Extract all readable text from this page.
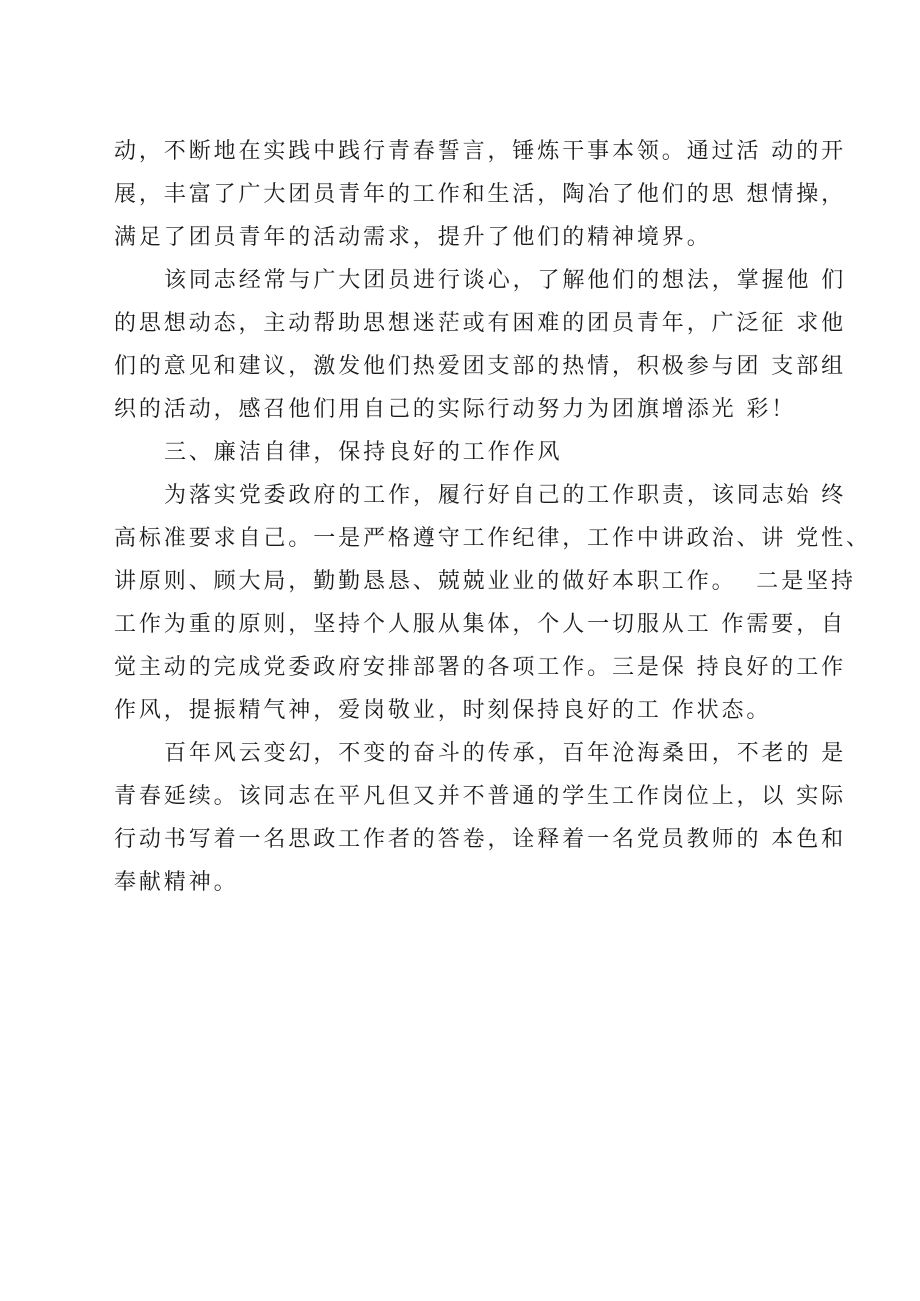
动，不断地在实践中践行青春誓言，锤炼干事本领。通过活 动的开
展，丰富了广大团员青年的工作和生活，陶冶了他们的思 想情操，
满足了团员青年的活动需求，提升了他们的精神境界。
该同志经常与广大团员进行谈心，了解他们的想法，掌握他 们
的思想动态，主动帮助思想迷茫或有困难的团员青年，广泛征 求他
们的意见和建议，激发他们热爱团支部的热情，积极参与团 支部组
织的活动，感召他们用自己的实际行动努力为团旗增添光 彩！
三、廉洁自律，保持良好的工作作风
为落实党委政府的工作，履行好自己的工作职责，该同志始 终
高标准要求自己。一是严格遵守工作纪律，工作中讲政治、讲 党性、
讲原则、顾大局，勤勤恳恳、兢兢业业的做好本职工作。  二是坚持
工作为重的原则，坚持个人服从集体，个人一切服从工 作需要，自
觉主动的完成党委政府安排部署的各项工作。三是保 持良好的工作
作风，提振精气神，爱岗敬业，时刻保持良好的工 作状态。
百年风云变幻，不变的奋斗的传承，百年沧海桑田，不老的 是
青春延续。该同志在平凡但又并不普通的学生工作岗位上，以 实际
行动书写着一名思政工作者的答卷，诠释着一名党员教师的 本色和
奉献精神。
